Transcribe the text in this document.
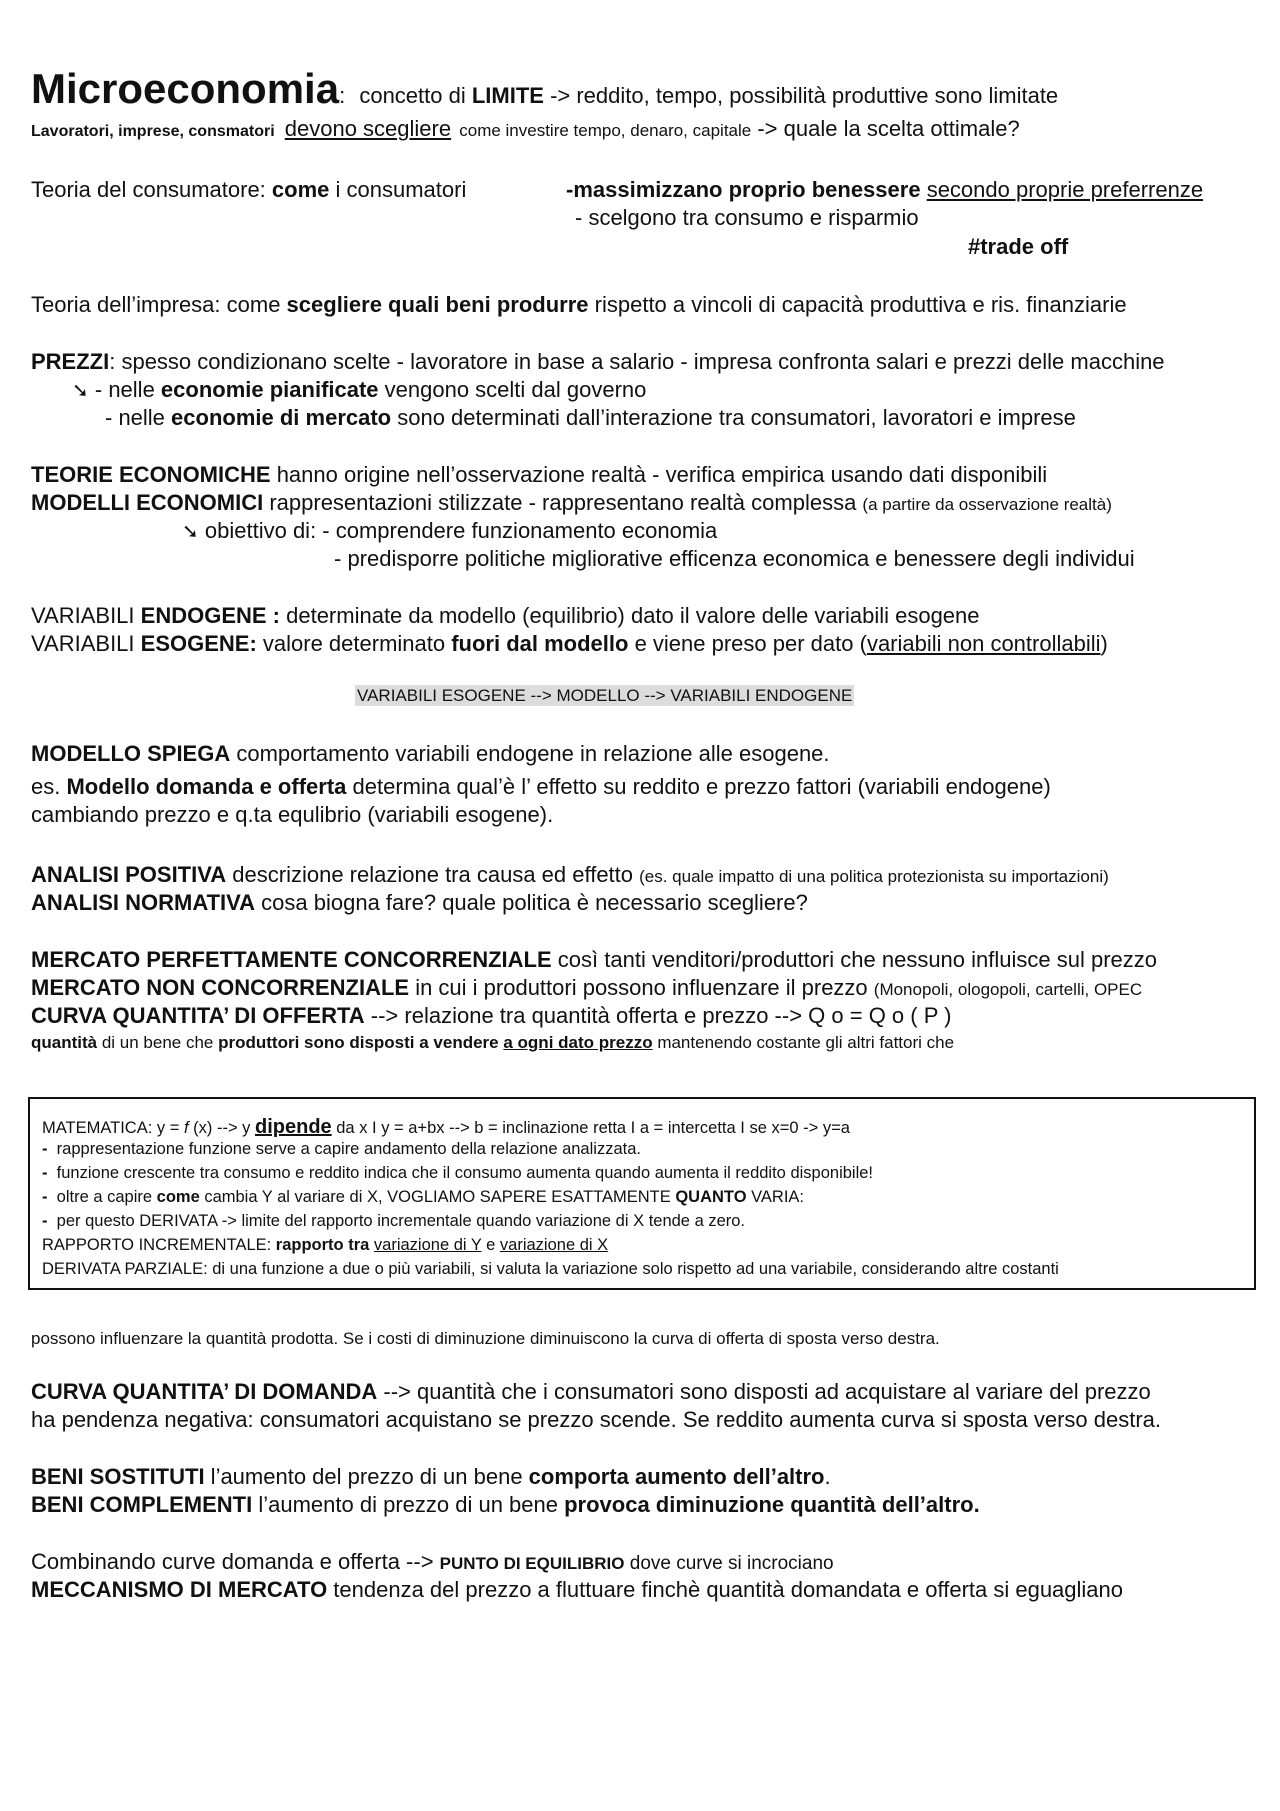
Microeconomia: concetto di LIMITE -> reddito, tempo, possibilità produttive sono limitate
Lavoratori, imprese, consmatori devono scegliere come investire tempo, denaro, capitale -> quale la scelta ottimale?
Teoria del consumatore: come i consumatori	-massimizzano proprio benessere secondo proprie preferrenze
- scelgono tra consumo e risparmio
#trade off
Teoria dell’impresa: come scegliere quali beni produrre rispetto a vincoli di capacità produttiva e ris. finanziarie
PREZZI: spesso condizionano scelte - lavoratore in base a salario - impresa confronta salari e prezzi delle macchine
➘ - nelle economie pianificate vengono scelti dal governo
- nelle economie di mercato sono determinati dall’interazione tra consumatori, lavoratori e imprese
TEORIE ECONOMICHE hanno origine nell’osservazione realtà - verifica empirica usando dati disponibili
MODELLI ECONOMICI rappresentazioni stilizzate - rappresentano realtà complessa (a partire da osservazione realtà)
➘ obiettivo di: - comprendere funzionamento economia
- predisporre politiche migliorative efficenza economica e benessere degli individui
VARIABILI ENDOGENE : determinate da modello (equilibrio) dato il valore delle variabili esogene
VARIABILI ESOGENE: valore determinato fuori dal modello e viene preso per dato (variabili non controllabili)
VARIABILI ESOGENE --> MODELLO --> VARIABILI ENDOGENE
MODELLO SPIEGA comportamento variabili endogene in relazione alle esogene.
es. Modello domanda e offerta determina qual’è l’ effetto su reddito e prezzo fattori (variabili endogene)
cambiando prezzo e q.ta equlibrio (variabili esogene).
ANALISI POSITIVA descrizione relazione tra causa ed effetto (es. quale impatto di una politica protezionista su importazioni)
ANALISI NORMATIVA cosa biogna fare? quale politica è necessario scegliere?
MERCATO PERFETTAMENTE CONCORRENZIALE così tanti venditori/produttori che nessuno influisce sul prezzo
MERCATO NON CONCORRENZIALE in cui i produttori possono influenzare il prezzo (Monopoli, ologopoli, cartelli, OPEC
CURVA QUANTITA’ DI OFFERTA --> relazione tra quantità offerta e prezzo --> Q o = Q o ( P )
quantità di un bene che produttori sono disposti a vendere a ogni dato prezzo mantenendo costante gli altri fattori che
MATEMATICA: y = f (x) --> y dipende da x I y = a+bx --> b = inclinazione retta I a = intercetta I se x=0 -> y=a
- rappresentazione funzione serve a capire andamento della relazione analizzata.
- funzione crescente tra consumo e reddito indica che il consumo aumenta quando aumenta il reddito disponibile!
- oltre a capire come cambia Y al variare di X, VOGLIAMO SAPERE ESATTAMENTE QUANTO VARIA:
- per questo DERIVATA -> limite del rapporto incrementale quando variazione di X tende a zero.
RAPPORTO INCREMENTALE: rapporto tra variazione di Y e variazione di X
DERIVATA PARZIALE: di una funzione a due o più variabili, si valuta la variazione solo rispetto ad una variabile, considerando altre costanti
possono influenzare la quantità prodotta. Se i costi di diminuzione diminuiscono la curva di offerta di sposta verso destra.
CURVA QUANTITA’ DI DOMANDA --> quantità che i consumatori sono disposti ad acquistare al variare del prezzo
ha pendenza negativa: consumatori acquistano se prezzo scende. Se reddito aumenta curva si sposta verso destra.
BENI SOSTITUTI l’aumento del prezzo di un bene comporta aumento dell’altro.
BENI COMPLEMENTI l’aumento di prezzo di un bene provoca diminuzione quantità dell’altro.
Combinando curve domanda e offerta --> PUNTO DI EQUILIBRIO dove curve si incrociano
MECCANISMO DI MERCATO tendenza del prezzo a fluttuare finchè quantità domandata e offerta si eguagliano
